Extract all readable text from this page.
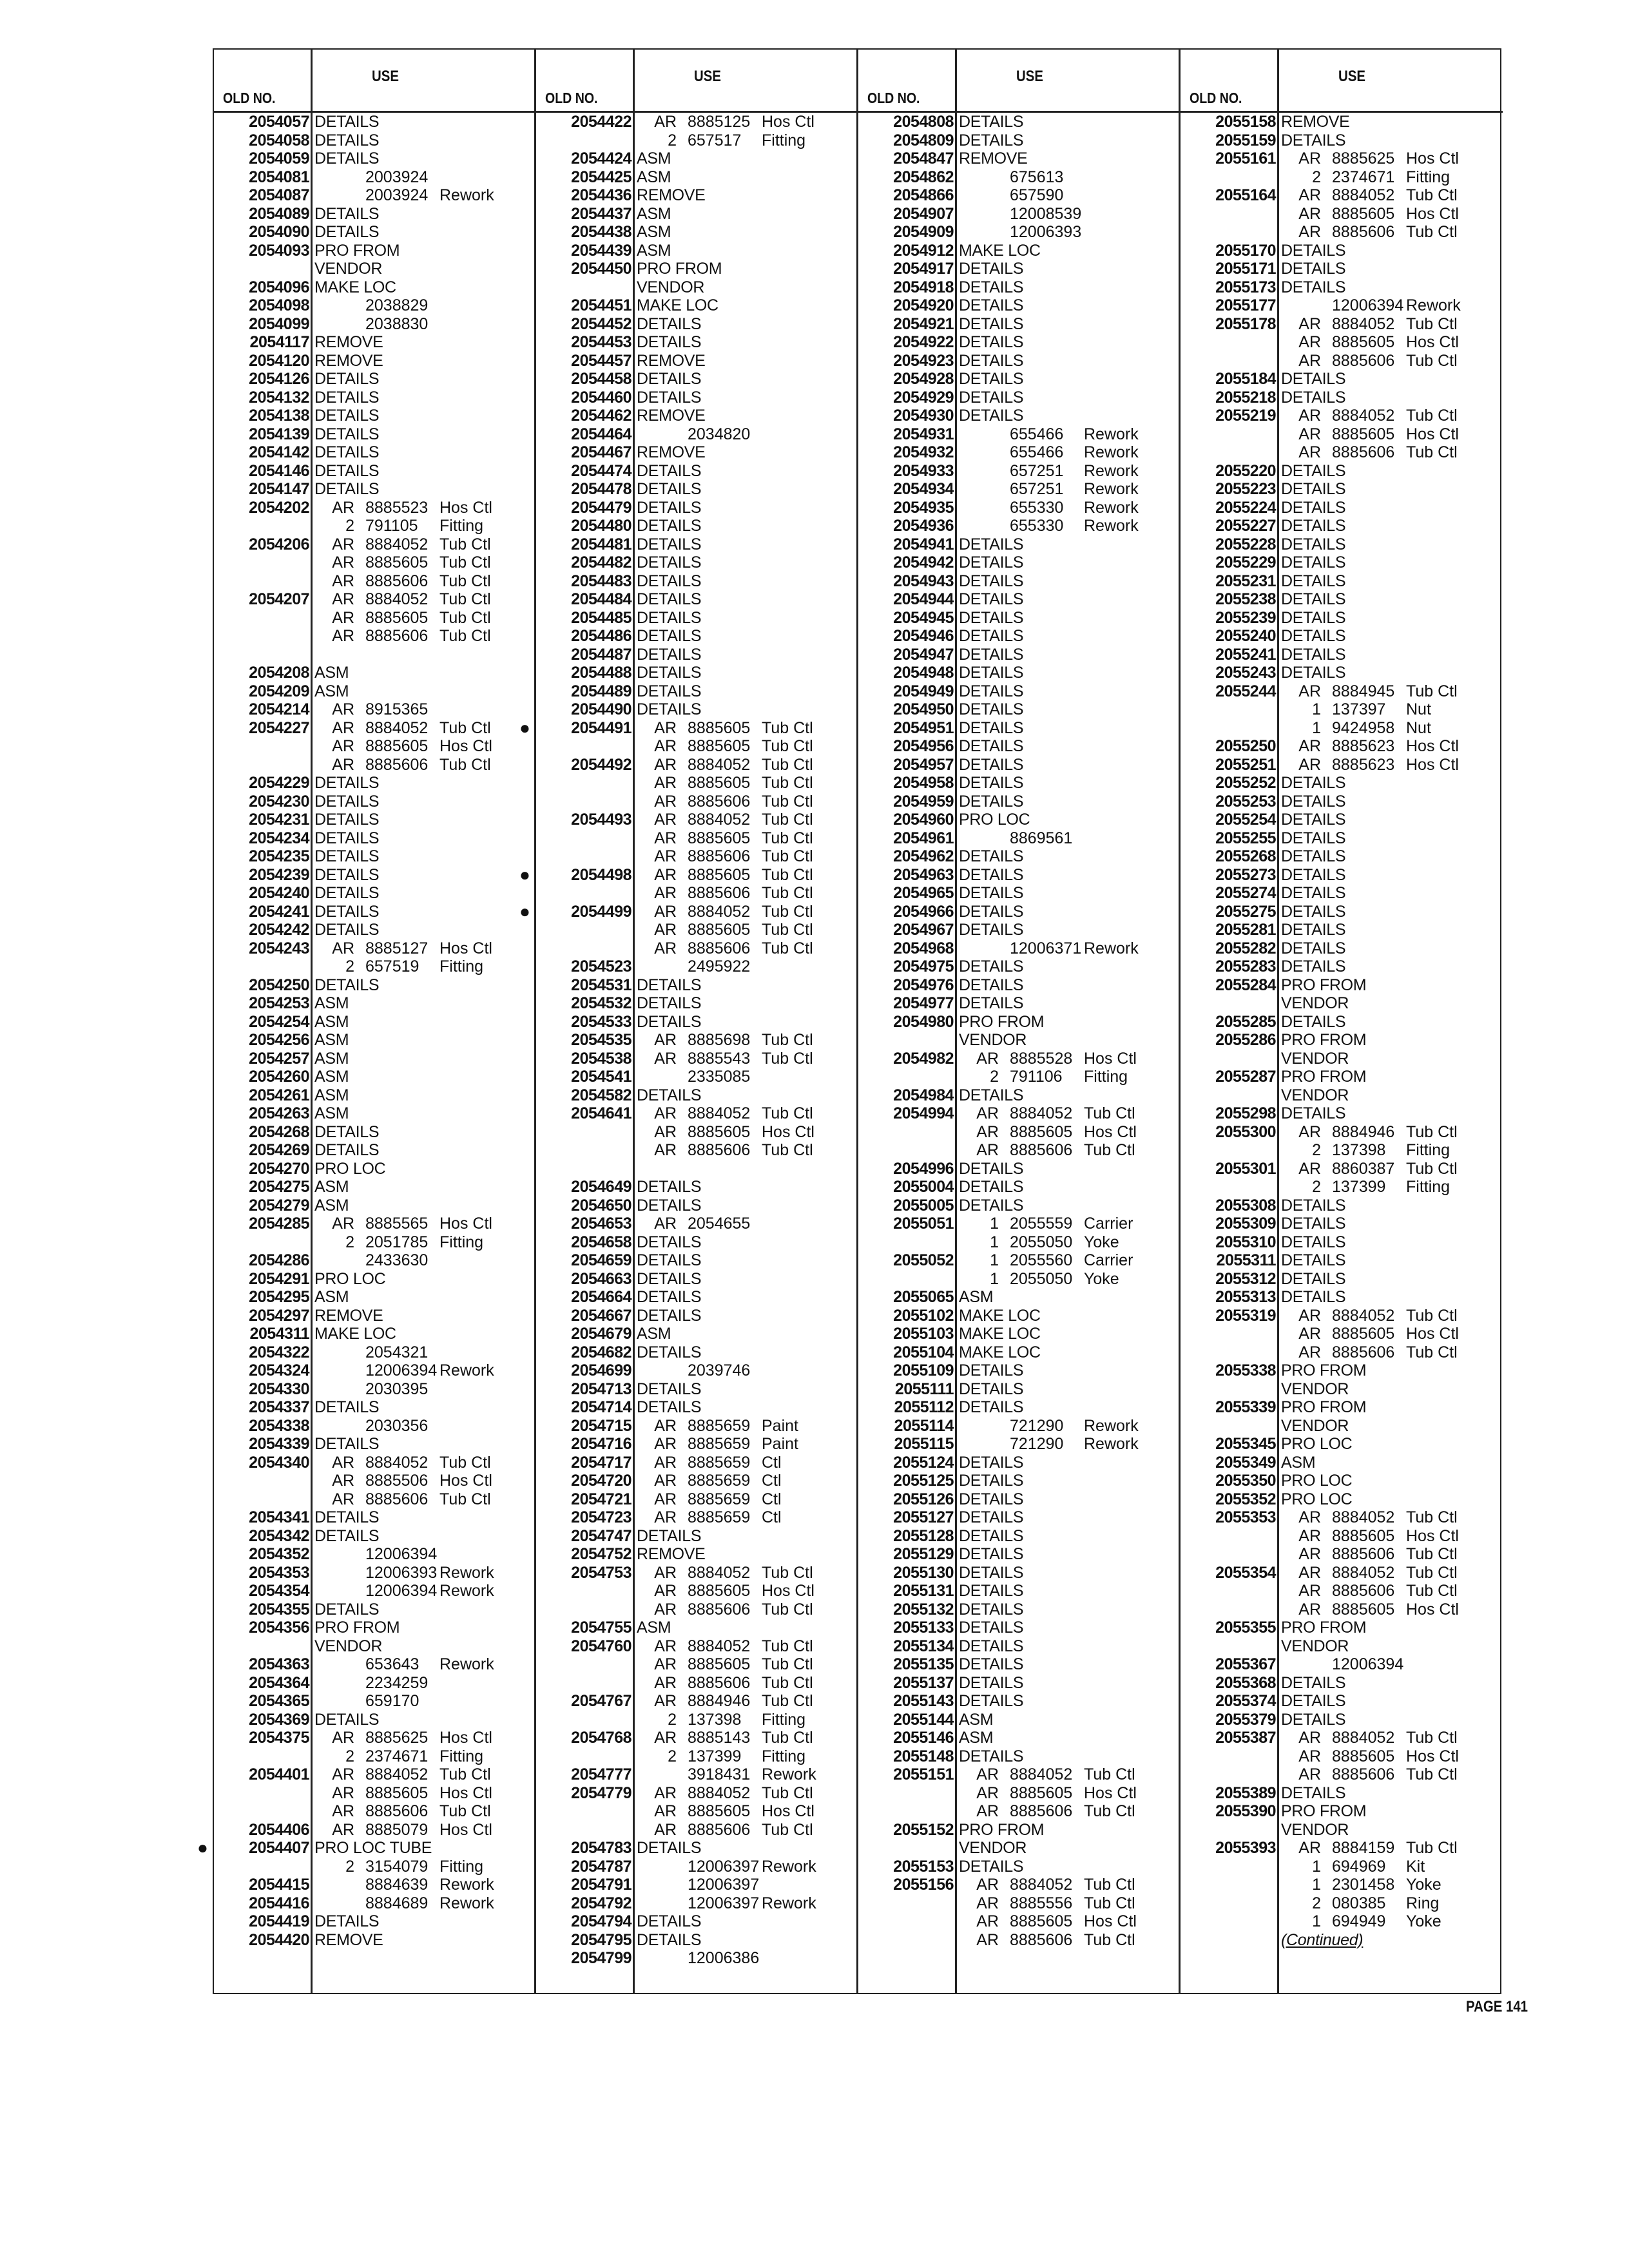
OLD NO.
USE
2054057 DETAILS
2054058 DETAILS
2054059 DETAILS
2054081	2003924
2054087	2003924 Rework
2054089 DETAILS
2054090 DETAILS
2054093 PRO FROM
VENDOR
2054096 MAKE LOC
2054098	2038829
2054099	2038830
2054117 REMOVE
2054120 REMOVE
2054126 DETAILS
2054132 DETAILS
2054138 DETAILS
2054139 DETAILS
2054142 DETAILS
2054146 DETAILS
2054147 DETAILS
2054202	AR 8885523 Hos Ctl
2 791105 Fitting
2054206	AR 8884052 Tub Ctl
AR 8885605 Tub Ctl
AR 8885606 Tub Ctl
2054207	AR 8884052 Tub Ctl
AR 8885605 Tub Ctl
AR 8885606 Tub Ctl
2054208 ASM
2054209 ASM
2054214	AR 8915365
2054227	AR 8884052 Tub Ctl
AR 8885605 Hos Ctl
AR 8885606 Tub Ctl
2054229 DETAILS
2054230 DETAILS
2054231 DETAILS
2054234 DETAILS
2054235 DETAILS
2054239 DETAILS
2054240 DETAILS
2054241 DETAILS
2054242 DETAILS
2054243	AR 8885127 Hos Ctl
2 657519 Fitting
2054250 DETAILS
2054253 ASM
2054254 ASM
2054256 ASM
2054257 ASM
2054260 ASM
2054261 ASM
2054263 ASM
2054268 DETAILS
2054269 DETAILS
2054270 PRO LOC
2054275 ASM
2054279 ASM
2054285	AR 8885565 Hos Ctl
2 2051785 Fitting
2054286	2433630
2054291 PRO LOC
2054295 ASM
2054297 REMOVE
2054311 MAKE LOC
2054322	2054321
2054324	12006394 Rework
2054330	2030395
2054337 DETAILS
2054338	2030356
2054339 DETAILS
2054340	AR 8884052 Tub Ctl
AR 8885506 Hos Ctl
AR 8885606 Tub Ctl
2054341 DETAILS
2054342 DETAILS
2054352	12006394
2054353	12006393 Rework
2054354	12006394 Rework
2054355 DETAILS
2054356 PRO FROM
VENDOR
2054363	653643 Rework
2054364	2234259
2054365	659170
2054369 DETAILS
2054375	AR 8885625 Hos Ctl
2 2374671 Fitting
2054401	AR 8884052 Tub Ctl
AR 8885605 Hos Ctl
AR 8885606 Tub Ctl
2054406	AR 8885079 Hos Ctl
●	2054407 PRO LOC TUBE
2 3154079 Fitting
2054415	8884639 Rework
2054416	8884689 Rework
2054419 DETAILS
2054420 REMOVE
OLD NO.
USE
2054422	AR 8885125 Hos Ctl
2 657517 Fitting
2054424 ASM
2054425 ASM
2054436 REMOVE
2054437 ASM
2054438 ASM
2054439 ASM
2054450 PRO FROM
VENDOR
2054451 MAKE LOC
2054452 DETAILS
2054453 DETAILS
2054457 REMOVE
2054458 DETAILS
2054460 DETAILS
2054462 REMOVE
2054464	2034820
2054467 REMOVE
2054474 DETAILS
2054478 DETAILS
2054479 DETAILS
2054480 DETAILS
2054481 DETAILS
2054482 DETAILS
2054483 DETAILS
2054484 DETAILS
2054485 DETAILS
2054486 DETAILS
2054487 DETAILS
2054488 DETAILS
2054489 DETAILS
2054490 DETAILS
●	2054491	AR 8885605 Tub Ctl
AR 8885605 Tub Ctl
2054492	AR 8884052 Tub Ctl
AR 8885605 Tub Ctl
AR 8885606 Tub Ctl
2054493	AR 8884052 Tub Ctl
AR 8885605 Tub Ctl
AR 8885606 Tub Ctl
●	2054498	AR 8885605 Tub Ctl
AR 8885606 Tub Ctl
●	2054499	AR 8884052 Tub Ctl
AR 8885605 Tub Ctl
AR 8885606 Tub Ctl
2054523	2495922
2054531 DETAILS
2054532 DETAILS
2054533 DETAILS
2054535	AR 8885698 Tub Ctl
2054538	AR 8885543 Tub Ctl
2054541	2335085
2054582 DETAILS
2054641	AR 8884052 Tub Ctl
AR 8885605 Hos Ctl
AR 8885606 Tub Ctl
2054649 DETAILS
2054650 DETAILS
2054653	AR 2054655
2054658 DETAILS
2054659 DETAILS
2054663 DETAILS
2054664 DETAILS
2054667 DETAILS
2054679 ASM
2054682 DETAILS
2054699	2039746
2054713 DETAILS
2054714 DETAILS
2054715	AR 8885659 Paint
2054716	AR 8885659 Paint
2054717	AR 8885659 Ctl
2054720	AR 8885659 Ctl
2054721	AR 8885659 Ctl
2054723	AR 8885659 Ctl
2054747 DETAILS
2054752 REMOVE
2054753	AR 8884052 Tub Ctl
AR 8885605 Hos Ctl
AR 8885606 Tub Ctl
2054755 ASM
2054760	AR 8884052 Tub Ctl
AR 8885605 Tub Ctl
AR 8885606 Tub Ctl
2054767	AR 8884946 Tub Ctl
2 137398 Fitting
2054768	AR 8885143 Tub Ctl
2 137399 Fitting
2054777	3918431 Rework
2054779	AR 8884052 Tub Ctl
AR 8885605 Hos Ctl
AR 8885606 Tub Ctl
2054783 DETAILS
2054787	12006397 Rework
2054791	12006397
2054792	12006397 Rework
2054794 DETAILS
2054795 DETAILS
2054799	12006386
OLD NO.
USE
2054808 DETAILS
2054809 DETAILS
2054847 REMOVE
2054862	675613
2054866	657590
2054907	12008539
2054909	12006393
2054912 MAKE LOC
2054917 DETAILS
2054918 DETAILS
2054920 DETAILS
2054921 DETAILS
2054922 DETAILS
2054923 DETAILS
2054928 DETAILS
2054929 DETAILS
2054930 DETAILS
2054931	655466 Rework
2054932	655466 Rework
2054933	657251 Rework
2054934	657251 Rework
2054935	655330 Rework
2054936	655330 Rework
2054941 DETAILS
2054942 DETAILS
2054943 DETAILS
2054944 DETAILS
2054945 DETAILS
2054946 DETAILS
2054947 DETAILS
2054948 DETAILS
2054949 DETAILS
2054950 DETAILS
2054951 DETAILS
2054956 DETAILS
2054957 DETAILS
2054958 DETAILS
2054959 DETAILS
2054960 PRO LOC
2054961	8869561
2054962 DETAILS
2054963 DETAILS
2054965 DETAILS
2054966 DETAILS
2054967 DETAILS
2054968	12006371 Rework
2054975 DETAILS
2054976 DETAILS
2054977 DETAILS
2054980 PRO FROM
VENDOR
2054982	AR 8885528 Hos Ctl
2 791106 Fitting
2054984 DETAILS
2054994	AR 8884052 Tub Ctl
AR 8885605 Hos Ctl
AR 8885606 Tub Ctl
2054996 DETAILS
2055004 DETAILS
2055005 DETAILS
2055051	1 2055559 Carrier
1 2055050 Yoke
2055052	1 2055560 Carrier
1 2055050 Yoke
2055065 ASM
2055102 MAKE LOC
2055103 MAKE LOC
2055104 MAKE LOC
2055109 DETAILS
2055111 DETAILS
2055112 DETAILS
2055114	721290 Rework
2055115	721290 Rework
2055124 DETAILS
2055125 DETAILS
2055126 DETAILS
2055127 DETAILS
2055128 DETAILS
2055129 DETAILS
2055130 DETAILS
2055131 DETAILS
2055132 DETAILS
2055133 DETAILS
2055134 DETAILS
2055135 DETAILS
2055137 DETAILS
2055143 DETAILS
2055144 ASM
2055146 ASM
2055148 DETAILS
2055151	AR 8884052 Tub Ctl
AR 8885605 Hos Ctl
AR 8885606 Tub Ctl
2055152 PRO FROM
VENDOR
2055153 DETAILS
2055156	AR 8884052 Tub Ctl
AR 8885556 Tub Ctl
AR 8885605 Hos Ctl
AR 8885606 Tub Ctl
OLD NO.
USE
2055158 REMOVE
2055159 DETAILS
2055161	AR 8885625 Hos Ctl
2 2374671 Fitting
2055164	AR 8884052 Tub Ctl
AR 8885605 Hos Ctl
AR 8885606 Tub Ctl
2055170 DETAILS
2055171 DETAILS
2055173 DETAILS
2055177	12006394 Rework
2055178	AR 8884052 Tub Ctl
AR 8885605 Hos Ctl
AR 8885606 Tub Ctl
2055184 DETAILS
2055218 DETAILS
2055219	AR 8884052 Tub Ctl
AR 8885605 Hos Ctl
AR 8885606 Tub Ctl
2055220 DETAILS
2055223 DETAILS
2055224 DETAILS
2055227 DETAILS
2055228 DETAILS
2055229 DETAILS
2055231 DETAILS
2055238 DETAILS
2055239 DETAILS
2055240 DETAILS
2055241 DETAILS
2055243 DETAILS
2055244	AR 8884945 Tub Ctl
1 137397 Nut
1 9424958 Nut
2055250	AR 8885623 Hos Ctl
2055251	AR 8885623 Hos Ctl
2055252 DETAILS
2055253 DETAILS
2055254 DETAILS
2055255 DETAILS
2055268 DETAILS
2055273 DETAILS
2055274 DETAILS
2055275 DETAILS
2055281 DETAILS
2055282 DETAILS
2055283 DETAILS
2055284 PRO FROM
VENDOR
2055285 DETAILS
2055286 PRO FROM
VENDOR
2055287 PRO FROM
VENDOR
2055298 DETAILS
2055300	AR 8884946 Tub Ctl
2 137398 Fitting
2055301	AR 8860387 Tub Ctl
2 137399 Fitting
2055308 DETAILS
2055309 DETAILS
2055310 DETAILS
2055311 DETAILS
2055312 DETAILS
2055313 DETAILS
2055319	AR 8884052 Tub Ctl
AR 8885605 Hos Ctl
AR 8885606 Tub Ctl
2055338 PRO FROM
VENDOR
2055339 PRO FROM
VENDOR
2055345 PRO LOC
2055349 ASM
2055350 PRO LOC
2055352 PRO LOC
2055353	AR 8884052 Tub Ctl
AR 8885605 Hos Ctl
AR 8885606 Tub Ctl
2055354	AR 8884052 Tub Ctl
AR 8885606 Tub Ctl
AR 8885605 Hos Ctl
2055355 PRO FROM
VENDOR
2055367	12006394
2055368 DETAILS
2055374 DETAILS
2055379 DETAILS
2055387	AR 8884052 Tub Ctl
AR 8885605 Hos Ctl
AR 8885606 Tub Ctl
2055389 DETAILS
2055390 PRO FROM
VENDOR
2055393	AR 8884159 Tub Ctl
1 694969 Kit
1 2301458 Yoke
2 080385 Ring
1 694949 Yoke
(Continued)
PAGE 141
